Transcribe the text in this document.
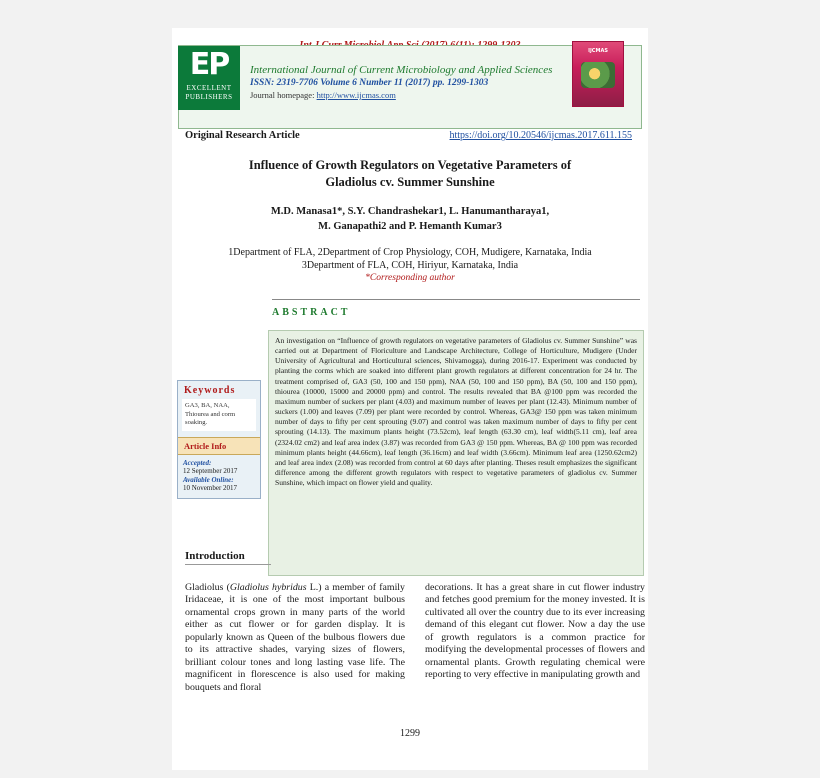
EP
EXCELLENT PUBLISHERS
International Journal of Current Microbiology and Applied Sciences
ISSN: 2319-7706 Volume 6 Number 11 (2017) pp. 1299-1303
Journal homepage: http://www.ijcmas.com
IJCMAS
Original Research Article	https://doi.org/10.20546/ijcmas.2017.611.155
Influence of Growth Regulators on Vegetative Parameters of
Gladiolus cv. Summer Sunshine
M.D. Manasa1*, S.Y. Chandrashekar1, L. Hanumantharaya1,
M. Ganapathi2 and P. Hemanth Kumar3
1Department of FLA, 2Department of Crop Physiology, COH, Mudigere, Karnataka, India
3Department of FLA, COH, Hiriyur, Karnataka, India
*Corresponding author
ABSTRACT
An investigation on “Influence of growth regulators on vegetative parameters of Gladiolus cv. Summer Sunshine” was carried out at Department of Floriculture and Landscape Architecture, College of Horticulture, Mudigere (Under University of Agricultural and Horticultural sciences, Shivamogga), during 2016-17. Experiment was conducted by planting the corms which are soaked into different plant growth regulators at different concentration for 24 hr. The treatment comprised of, GA3 (50, 100 and 150 ppm), NAA (50, 100 and 150 ppm), BA (50, 100 and 150 ppm), thiourea (10000, 15000 and 20000 ppm) and control. The results revealed that BA @100 ppm was recorded the maximum number of suckers per plant (4.03) and maximum number of leaves per plant (12.43). Minimum number of suckers (1.00) and leaves (7.09) per plant were recorded by control. Whereas, GA3@ 150 ppm was taken minimum number of days to fifty per cent sprouting (9.07) and control was taken maximum number of days to fifty per cent sprouting (14.13). The maximum plants height (73.52cm), leaf length (63.30 cm), leaf width(5.11 cm), leaf area (2324.02 cm2) and leaf area index (3.87) was recorded from GA3 @ 150 ppm. Whereas, BA @ 100 ppm was recorded minimum plants height (44.66cm), leaf length (36.16cm) and leaf width (3.66cm). Minimum leaf area (1250.62cm2) and leaf area index (2.08) was recorded from control at 60 days after planting. Theses result emphasizes the significant difference among the different growth regulators with respect to vegetative parameters of gladiolus cv. Summer Sunshine, which impact on flower yield and quality.
Keywords
GA3, BA, NAA, Thiourea and corm soaking.
Article Info
Accepted:
12 September 2017
Available Online:
10 November 2017
Introduction
Gladiolus (Gladiolus hybridus L.) a member of family Iridaceae, it is one of the most important bulbous ornamental crops grown in many parts of the world either as cut flower or for garden display. It is popularly known as Queen of the bulbous flowers due to its attractive shades, varying sizes of flowers, brilliant colour tones and long lasting vase life. The magnificent in florescence is also used for making bouquets and floral
decorations. It has a great share in cut flower industry and fetches good premium for the money invested. It is cultivated all over the country due to its ever increasing demand of this elegant cut flower. Now a day the use of growth regulators is a common practice for modifying the developmental processes of flowers and ornamental plants. Growth regulating chemical were reporting to very effective in manipulating growth and
1299
